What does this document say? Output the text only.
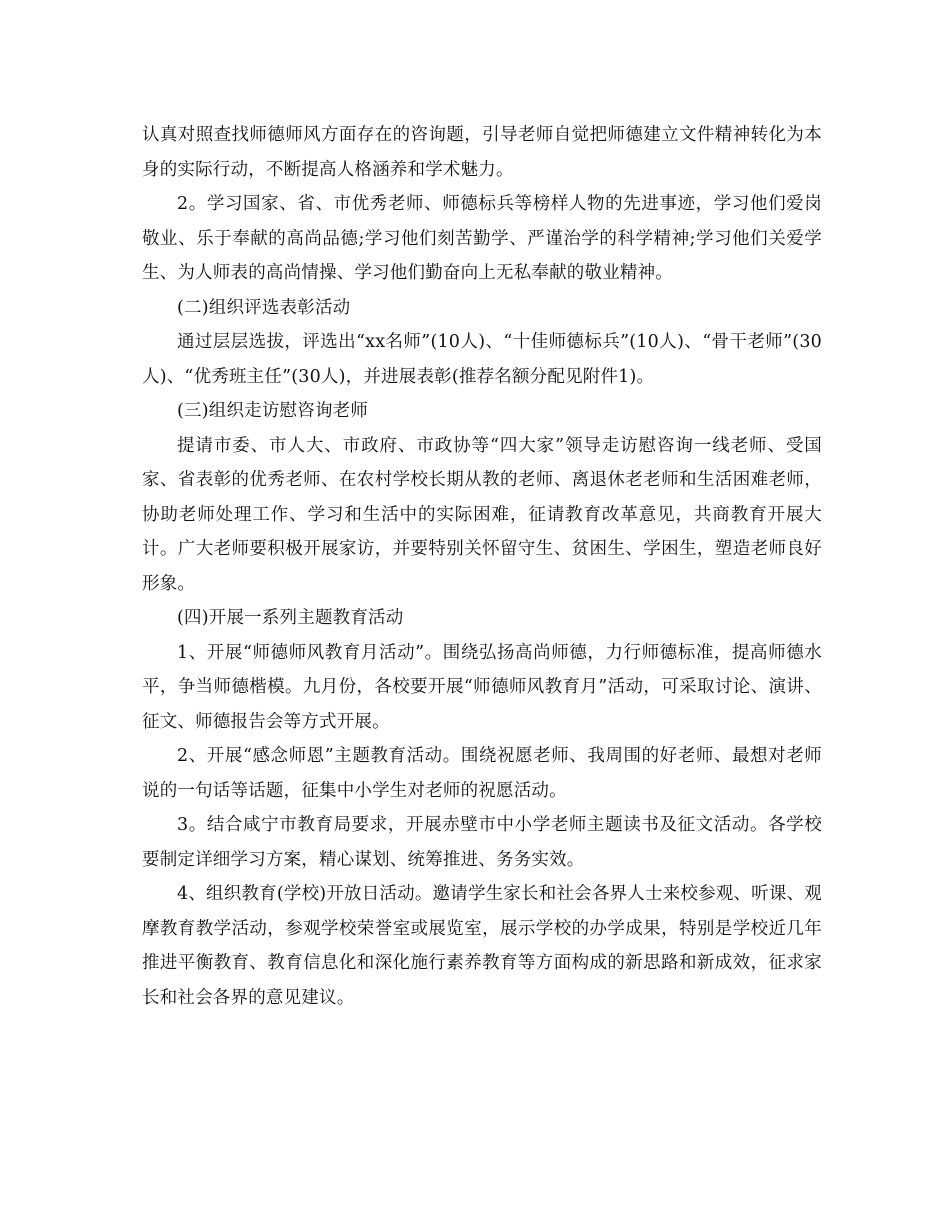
认真对照查找师德师风方面存在的咨询题，引导老师自觉把师德建立文件精神转化为本身的实际行动，不断提高人格涵养和学术魅力。

2。学习国家、省、市优秀老师、师德标兵等榜样人物的先进事迹，学习他们爱岗敬业、乐于奉献的高尚品德;学习他们刻苦勤学、严谨治学的科学精神;学习他们关爱学生、为人师表的高尚情操、学习他们勤奋向上无私奉献的敬业精神。

(二)组织评选表彰活动

通过层层选拔，评选出“xx名师”(10人)、“十佳师德标兵”(10人)、“骨干老师”(30人)、“优秀班主任”(30人)，并进展表彰(推荐名额分配见附件1)。

(三)组织走访慰咨询老师

提请市委、市人大、市政府、市政协等“四大家”领导走访慰咨询一线老师、受国家、省表彰的优秀老师、在农村学校长期从教的老师、离退休老老师和生活困难老师，协助老师处理工作、学习和生活中的实际困难，征请教育改革意见，共商教育开展大计。广大老师要积极开展家访，并要特别关怀留守生、贫困生、学困生，塑造老师良好形象。

(四)开展一系列主题教育活动

1、开展“师德师风教育月活动”。围绕弘扬高尚师德，力行师德标准，提高师德水平，争当师德楷模。九月份，各校要开展“师德师风教育月”活动，可采取讨论、演讲、征文、师德报告会等方式开展。

2、开展“感念师恩”主题教育活动。围绕祝愿老师、我周围的好老师、最想对老师说的一句话等话题，征集中小学生对老师的祝愿活动。

3。结合咸宁市教育局要求，开展赤壁市中小学老师主题读书及征文活动。各学校要制定详细学习方案，精心谋划、统筹推进、务务实效。

4、组织教育(学校)开放日活动。邀请学生家长和社会各界人士来校参观、听课、观摩教育教学活动，参观学校荣誉室或展览室，展示学校的办学成果，特别是学校近几年推进平衡教育、教育信息化和深化施行素养教育等方面构成的新思路和新成效，征求家长和社会各界的意见建议。
